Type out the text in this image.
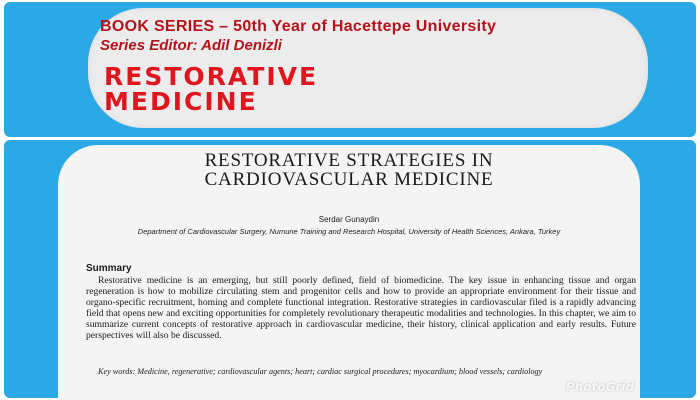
BOOK SERIES – 50th Year of Hacettepe University
Series Editor: Adil Denizli
RESTORATIVE
MEDICINE
RESTORATIVE STRATEGIES IN
CARDIOVASCULAR MEDICINE
Serdar Gunaydin
Department of Cardiovascular Surgery, Numune Training and Research Hospital, University of Health Sciences, Ankara, Turkey
Summary
Restorative medicine is an emerging, but still poorly defined, field of biomedicine. The key issue in enhancing tissue and organ regeneration is how to mobilize circulating stem and progenitor cells and how to provide an appropriate environment for their tissue and organo-specific recruitment, homing and complete functional integration. Restorative strategies in cardiovascular filed is a rapidly advancing field that opens new and exciting opportunities for completely revolutionary therapeutic modalities and technologies. In this chapter, we aim to summarize current concepts of restorative approach in cardiovascular medicine, their history, clinical application and early results. Future perspectives will also be discussed.
Key words: Medicine, regenerative; cardiovascular agents; heart; cardiac surgical procedures; myocardium; blood vessels; cardiology
PhotoGrid
